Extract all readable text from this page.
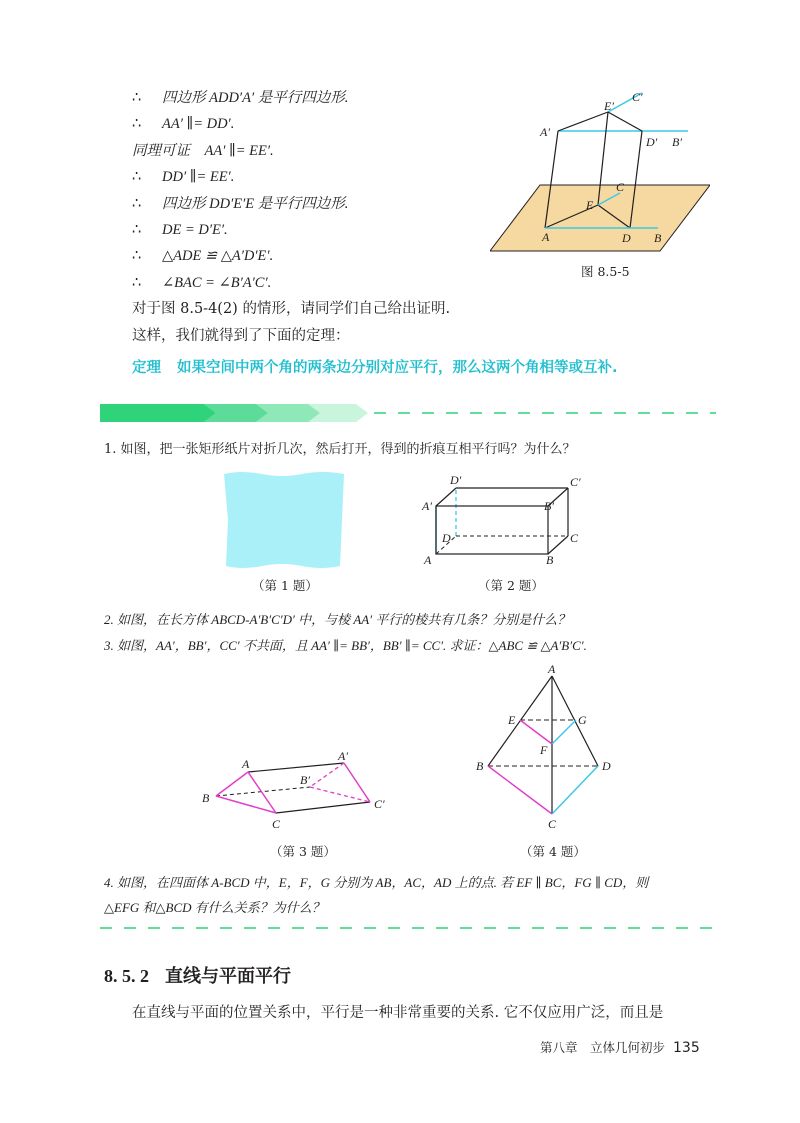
∴ 四边形 ADD′A′ 是平行四边形.
∴ AA′ ∥= DD′.
同理可证　AA′ ∥= EE′.
∴ DD′ ∥= EE′.
∴ 四边形 DD′E′E 是平行四边形.
∴ DE = D′E′.
∴ △ADE ≌ △A′D′E′.
∴ ∠BAC = ∠B′A′C′.
对于图 8.5-4(2) 的情形，请同学们自己给出证明.
这样，我们就得到了下面的定理：
定理 如果空间中两个角的两条边分别对应平行，那么这两个角相等或互补.
A′
E′
C′
D′ B′
C
E
A	D B
图 8.5-5
1. 如图，把一张矩形纸片对折几次，然后打开，得到的折痕互相平行吗？为什么？
（第 1 题）
D′	C′
A′	B′
D	C
A	B
（第 2 题）
2. 如图，在长方体 ABCD-A′B′C′D′ 中，与棱 AA′ 平行的棱共有几条？分别是什么？
3. 如图，AA′，BB′，CC′ 不共面，且 AA′ ∥= BB′，BB′ ∥= CC′. 求证：△ABC ≌ △A′B′C′.
A
A′
B′
B	C′
C
（第 3 题）
A
E	G
F
B	D
C
（第 4 题）
4. 如图，在四面体 A-BCD 中，E，F，G 分别为 AB，AC，AD 上的点. 若 EF ∥ BC，FG ∥ CD，则
△EFG 和△BCD 有什么关系？为什么？
8. 5. 2 直线与平面平行
在直线与平面的位置关系中，平行是一种非常重要的关系. 它不仅应用广泛，而且是
第八章　立体几何初步 135
